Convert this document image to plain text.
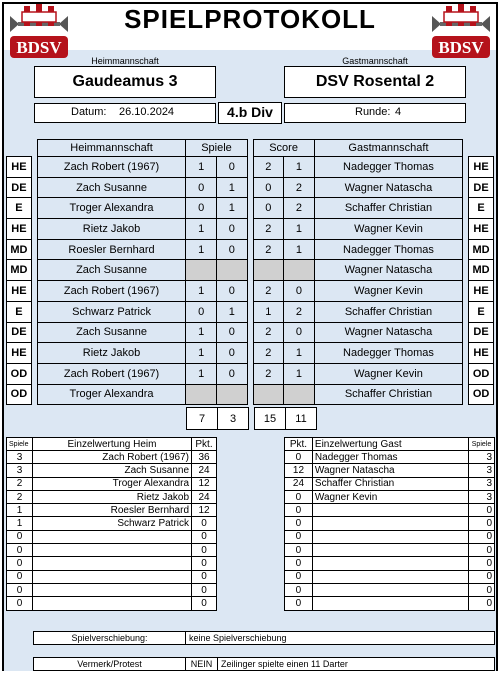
BDSV	BDSV
SPIELPROTOKOLL
Heimmannschaft	Gastmannschaft
Gaudeamus 3	DSV Rosental 2
Datum: 26.10.2024	4.b Div	Runde: 4
		Heimmannschaft	Spiele			Score		Gastmannschaft		
HE		Zach Robert (1967)	1	0		2	1	Nadegger Thomas		HE
DE		Zach Susanne	0	1		0	2	Wagner Natascha		DE
E		Troger Alexandra	0	1		0	2	Schaffer Christian		E
HE		Rietz Jakob	1	0		2	1	Wagner Kevin		HE
MD		Roesler Bernhard	1	0		2	1	Nadegger Thomas		MD
MD		Zach Susanne						Wagner Natascha		MD
HE		Zach Robert (1967)	1	0		2	0	Wagner Kevin		HE
E		Schwarz Patrick	0	1		1	2	Schaffer Christian		E
DE		Zach Susanne	1	0		2	0	Wagner Natascha		DE
HE		Rietz Jakob	1	0		2	1	Nadegger Thomas		HE
OD		Zach Robert (1967)	1	0		2	1	Wagner Kevin		OD
OD		Troger Alexandra						Schaffer Christian		OD
7	3		15	11
Spiele	Einzelwertung Heim	Pkt.
3	Zach Robert (1967)	36
3	Zach Susanne	24
2	Troger Alexandra	12
2	Rietz Jakob	24
1	Roesler Bernhard	12
1	Schwarz Patrick	0
0		0
0		0
0		0
0		0
0		0
0		0
Pkt.	Einzelwertung Gast	Spiele
0	Nadegger Thomas	3
12	Wagner Natascha	3
24	Schaffer Christian	3
0	Wagner Kevin	3
0		0
0		0
0		0
0		0
0		0
0		0
0		0
0		0
Spielverschiebung:	keine Spielverschiebung
Vermerk/Protest	NEIN	Zeilinger spielte einen 11 Darter
